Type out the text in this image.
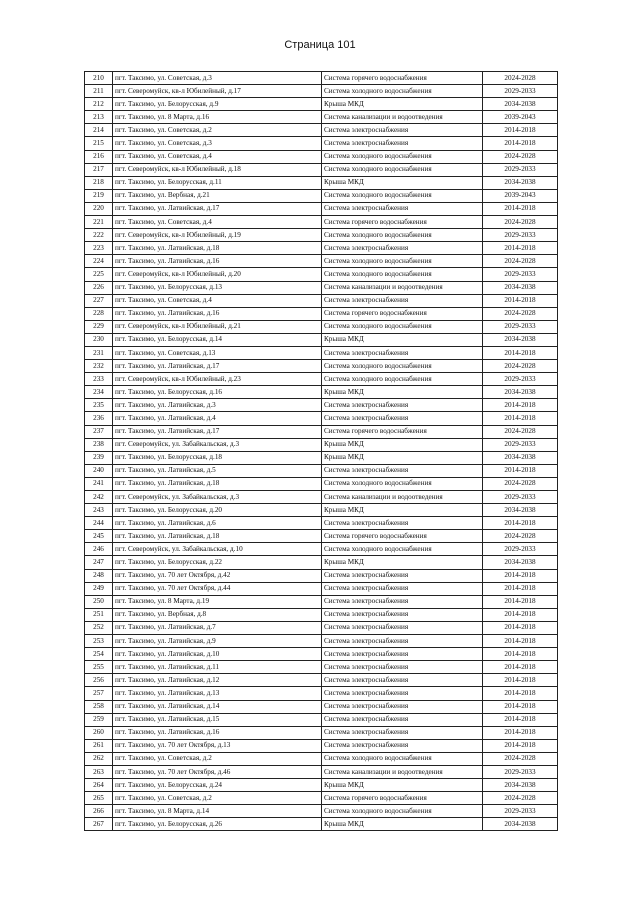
Страница 101
210	пгт. Таксимо, ул. Советская, д.3	Система горячего водоснабжения	2024-2028
211	пгт. Северомуйск, кв-л Юбилейный, д.17	Система холодного водоснабжения	2029-2033
212	пгт. Таксимо, ул. Белорусская, д.9	Крыша МКД	2034-2038
213	пгт. Таксимо, ул. 8 Марта, д.16	Система канализации и водоотведения	2039-2043
214	пгт. Таксимо, ул. Советская, д.2	Система электроснабжения	2014-2018
215	пгт. Таксимо, ул. Советская, д.3	Система электроснабжения	2014-2018
216	пгт. Таксимо, ул. Советская, д.4	Система холодного водоснабжения	2024-2028
217	пгт. Северомуйск, кв-л Юбилейный, д.18	Система холодного водоснабжения	2029-2033
218	пгт. Таксимо, ул. Белорусская, д.11	Крыша МКД	2034-2038
219	пгт. Таксимо, ул. Вербная, д.21	Система холодного водоснабжения	2039-2043
220	пгт. Таксимо, ул. Латвийская, д.17	Система электроснабжения	2014-2018
221	пгт. Таксимо, ул. Советская, д.4	Система горячего водоснабжения	2024-2028
222	пгт. Северомуйск, кв-л Юбилейный, д.19	Система холодного водоснабжения	2029-2033
223	пгт. Таксимо, ул. Латвийская, д.18	Система электроснабжения	2014-2018
224	пгт. Таксимо, ул. Латвийская, д.16	Система холодного водоснабжения	2024-2028
225	пгт. Северомуйск, кв-л Юбилейный, д.20	Система холодного водоснабжения	2029-2033
226	пгт. Таксимо, ул. Белорусская, д.13	Система канализации и водоотведения	2034-2038
227	пгт. Таксимо, ул. Советская, д.4	Система электроснабжения	2014-2018
228	пгт. Таксимо, ул. Латвийская, д.16	Система горячего водоснабжения	2024-2028
229	пгт. Северомуйск, кв-л Юбилейный, д.21	Система холодного водоснабжения	2029-2033
230	пгт. Таксимо, ул. Белорусская, д.14	Крыша МКД	2034-2038
231	пгт. Таксимо, ул. Советская, д.13	Система электроснабжения	2014-2018
232	пгт. Таксимо, ул. Латвийская, д.17	Система холодного водоснабжения	2024-2028
233	пгт. Северомуйск, кв-л Юбилейный, д.23	Система холодного водоснабжения	2029-2033
234	пгт. Таксимо, ул. Белорусская, д.16	Крыша МКД	2034-2038
235	пгт. Таксимо, ул. Латвийская, д.3	Система электроснабжения	2014-2018
236	пгт. Таксимо, ул. Латвийская, д.4	Система электроснабжения	2014-2018
237	пгт. Таксимо, ул. Латвийская, д.17	Система горячего водоснабжения	2024-2028
238	пгт. Северомуйск, ул. Забайкальская, д.3	Крыша МКД	2029-2033
239	пгт. Таксимо, ул. Белорусская, д.18	Крыша МКД	2034-2038
240	пгт. Таксимо, ул. Латвийская, д.5	Система электроснабжения	2014-2018
241	пгт. Таксимо, ул. Латвийская, д.18	Система холодного водоснабжения	2024-2028
242	пгт. Северомуйск, ул. Забайкальская, д.3	Система канализации и водоотведения	2029-2033
243	пгт. Таксимо, ул. Белорусская, д.20	Крыша МКД	2034-2038
244	пгт. Таксимо, ул. Латвийская, д.6	Система электроснабжения	2014-2018
245	пгт. Таксимо, ул. Латвийская, д.18	Система горячего водоснабжения	2024-2028
246	пгт. Северомуйск, ул. Забайкальская, д.10	Система холодного водоснабжения	2029-2033
247	пгт. Таксимо, ул. Белорусская, д.22	Крыша МКД	2034-2038
248	пгт. Таксимо, ул. 70 лет Октября, д.42	Система электроснабжения	2014-2018
249	пгт. Таксимо, ул. 70 лет Октября, д.44	Система электроснабжения	2014-2018
250	пгт. Таксимо, ул. 8 Марта, д.19	Система электроснабжения	2014-2018
251	пгт. Таксимо, ул. Вербная, д.8	Система электроснабжения	2014-2018
252	пгт. Таксимо, ул. Латвийская, д.7	Система электроснабжения	2014-2018
253	пгт. Таксимо, ул. Латвийская, д.9	Система электроснабжения	2014-2018
254	пгт. Таксимо, ул. Латвийская, д.10	Система электроснабжения	2014-2018
255	пгт. Таксимо, ул. Латвийская, д.11	Система электроснабжения	2014-2018
256	пгт. Таксимо, ул. Латвийская, д.12	Система электроснабжения	2014-2018
257	пгт. Таксимо, ул. Латвийская, д.13	Система электроснабжения	2014-2018
258	пгт. Таксимо, ул. Латвийская, д.14	Система электроснабжения	2014-2018
259	пгт. Таксимо, ул. Латвийская, д.15	Система электроснабжения	2014-2018
260	пгт. Таксимо, ул. Латвийская, д.16	Система электроснабжения	2014-2018
261	пгт. Таксимо, ул. 70 лет Октября, д.13	Система электроснабжения	2014-2018
262	пгт. Таксимо, ул. Советская, д.2	Система холодного водоснабжения	2024-2028
263	пгт. Таксимо, ул. 70 лет Октября, д.46	Система канализации и водоотведения	2029-2033
264	пгт. Таксимо, ул. Белорусская, д.24	Крыша МКД	2034-2038
265	пгт. Таксимо, ул. Советская, д.2	Система горячего водоснабжения	2024-2028
266	пгт. Таксимо, ул. 8 Марта, д.14	Система холодного водоснабжения	2029-2033
267	пгт. Таксимо, ул. Белорусская, д.26	Крыша МКД	2034-2038
